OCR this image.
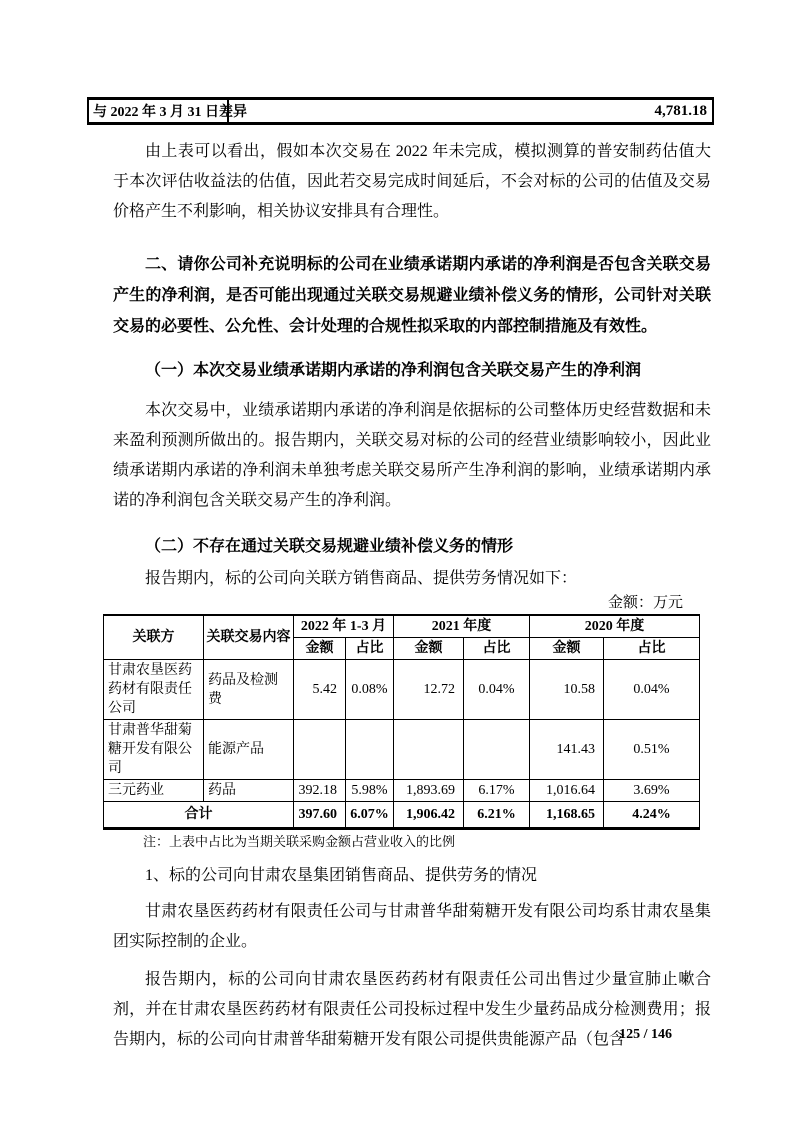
与 2022 年 3 月 31 日差异	4,781.18

由上表可以看出，假如本次交易在 2022 年未完成，模拟测算的普安制药估值大于本次评估收益法的估值，因此若交易完成时间延后，不会对标的公司的估值及交易价格产生不利影响，相关协议安排具有合理性。

二、请你公司补充说明标的公司在业绩承诺期内承诺的净利润是否包含关联交易产生的净利润，是否可能出现通过关联交易规避业绩补偿义务的情形，公司针对关联交易的必要性、公允性、会计处理的合规性拟采取的内部控制措施及有效性。

（一）本次交易业绩承诺期内承诺的净利润包含关联交易产生的净利润

本次交易中，业绩承诺期内承诺的净利润是依据标的公司整体历史经营数据和未来盈利预测所做出的。报告期内，关联交易对标的公司的经营业绩影响较小，因此业绩承诺期内承诺的净利润未单独考虑关联交易所产生净利润的影响，业绩承诺期内承诺的净利润包含关联交易产生的净利润。

（二）不存在通过关联交易规避业绩补偿义务的情形

报告期内，标的公司向关联方销售商品、提供劳务情况如下：

金额：万元
关联方	关联交易内容	2022 年 1-3 月		2021 年度		2020 年度	
		金额	占比	金额	占比	金额	占比
甘肃农垦医药药材有限责任公司	药品及检测费	5.42	0.08%	12.72	0.04%	10.58	0.04%
甘肃普华甜菊糖开发有限公司	能源产品					141.43	0.51%
三元药业	药品	392.18	5.98%	1,893.69	6.17%	1,016.64	3.69%
合计		397.60	6.07%	1,906.42	6.21%	1,168.65	4.24%
注：上表中占比为当期关联采购金额占营业收入的比例

1、标的公司向甘肃农垦集团销售商品、提供劳务的情况

甘肃农垦医药药材有限责任公司与甘肃普华甜菊糖开发有限公司均系甘肃农垦集团实际控制的企业。

报告期内，标的公司向甘肃农垦医药药材有限责任公司出售过少量宣肺止嗽合剂，并在甘肃农垦医药药材有限责任公司投标过程中发生少量药品成分检测费用；报告期内，标的公司向甘肃普华甜菊糖开发有限公司提供贵能源产品（包含

125 / 146
